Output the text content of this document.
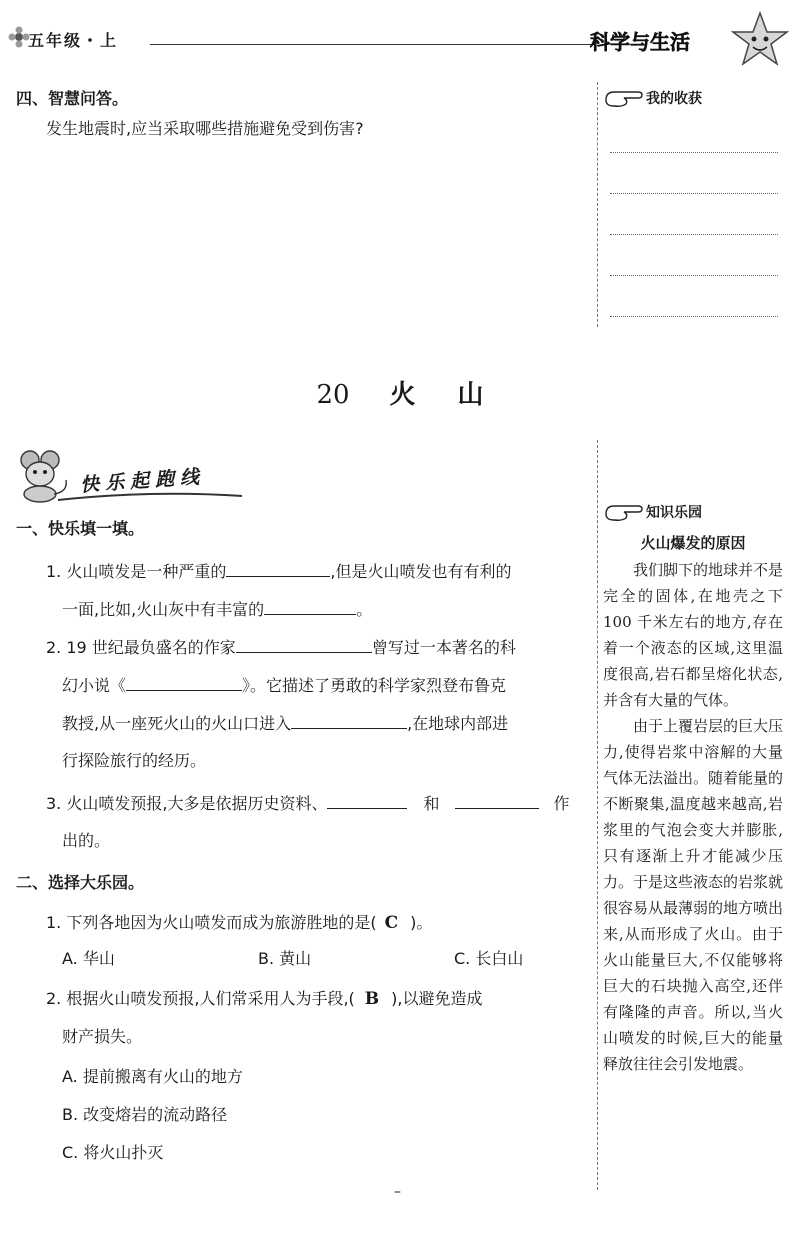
五年级・上	科学与生活
我的收获
四、智慧问答。
发生地震时,应当采取哪些措施避免受到伤害?
20 火 山
快乐起跑线
知识乐园
火山爆发的原因

我们脚下的地球并不是完全的固体,在地壳之下 100 千米左右的地方,存在着一个液态的区域,这里温度很高,岩石都呈熔化状态,并含有大量的气体。

由于上覆岩层的巨大压力,使得岩浆中溶解的大量气体无法溢出。随着能量的不断聚集,温度越来越高,岩浆里的气泡会变大并膨胀,只有逐渐上升才能减少压力。于是这些液态的岩浆就很容易从最薄弱的地方喷出来,从而形成了火山。由于火山能量巨大,不仅能够将巨大的石块抛入高空,还伴有隆隆的声音。所以,当火山喷发的时候,巨大的能量释放往往会引发地震。

一、快乐填一填。
1. 火山喷发是一种严重的	,但是火山喷发也有有利的
一面,比如,火山灰中有丰富的	。
2. 19 世纪最负盛名的作家	曾写过一本著名的科
幻小说《	》。它描述了勇敢的科学家烈登布鲁克
教授,从一座死火山的火山口进入	,在地球内部进
行探险旅行的经历。
3. 火山喷发预报,大多是依据历史资料、	和	作
出的。
二、选择大乐园。
1. 下列各地因为火山喷发而成为旅游胜地的是( C )。
A. 华山	B. 黄山	C. 长白山
2. 根据火山喷发预报,人们常采用人为手段,( B ),以避免造成
财产损失。
A. 提前搬离有火山的地方
B. 改变熔岩的流动路径
C. 将火山扑灭
–
